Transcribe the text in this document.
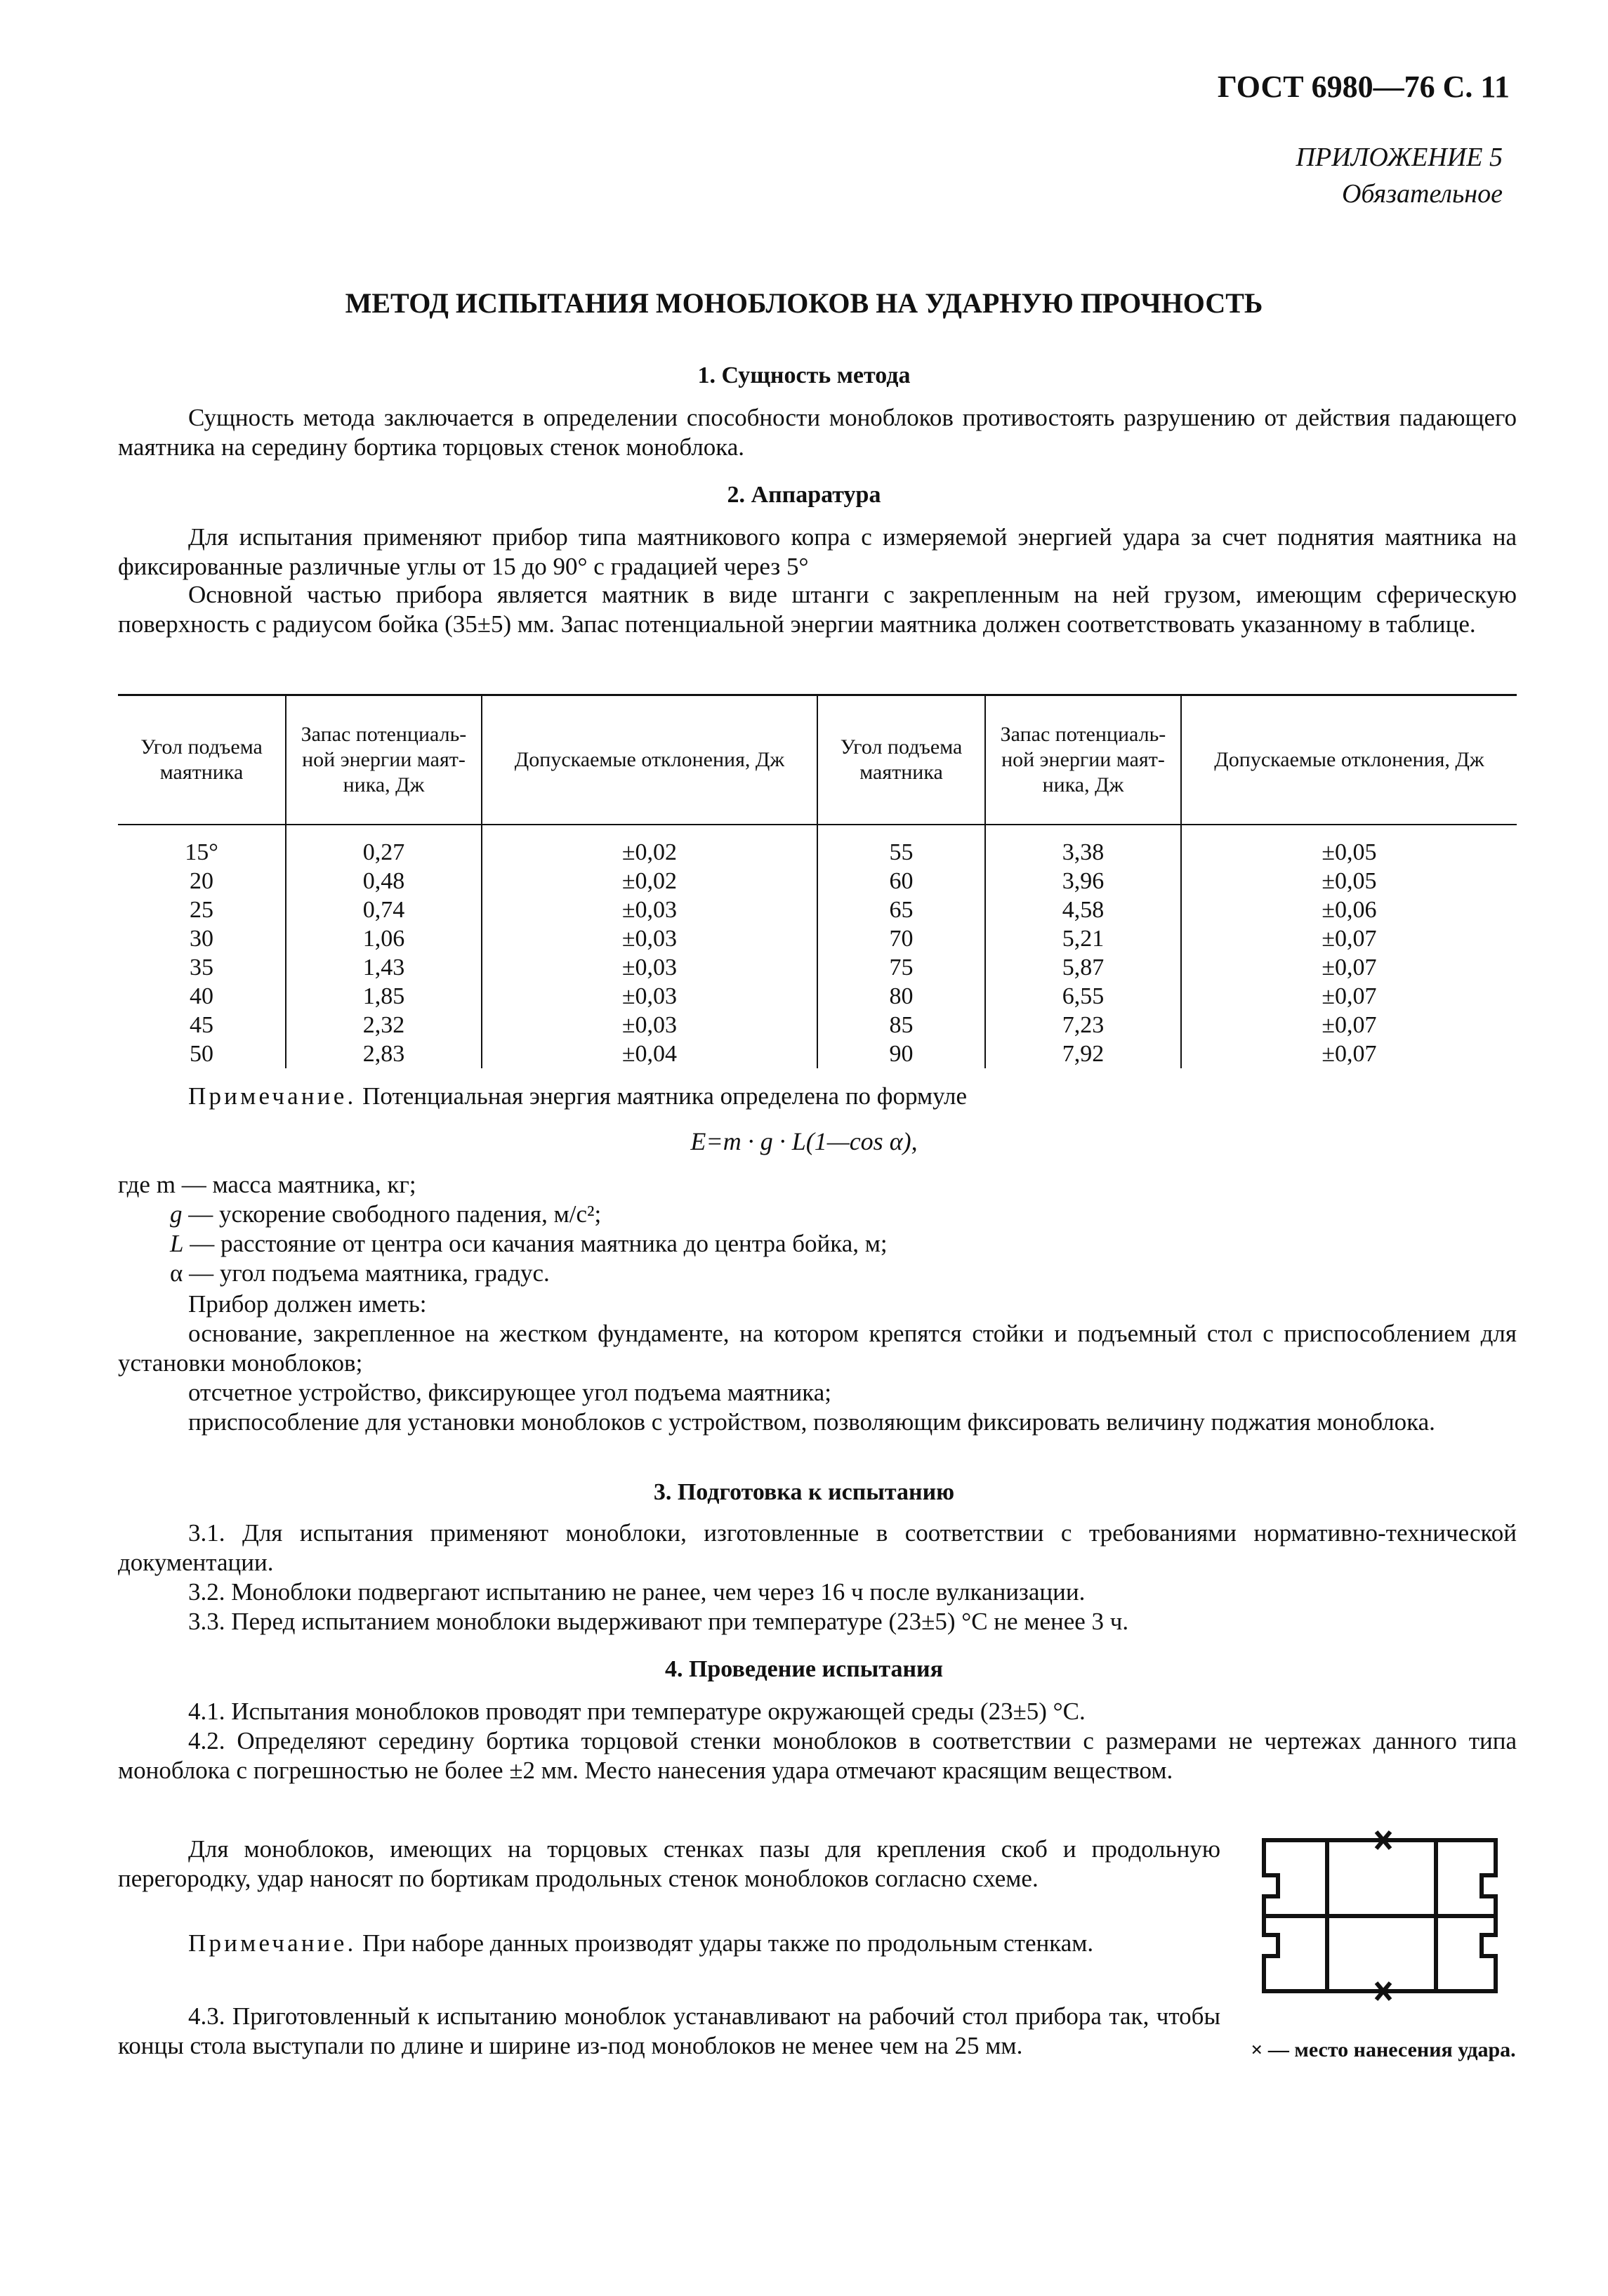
ГОСТ 6980—76 С. 11
ПРИЛОЖЕНИЕ 5
Обязательное
МЕТОД ИСПЫТАНИЯ МОНОБЛОКОВ НА УДАРНУЮ ПРОЧНОСТЬ
1. Сущность метода
Сущность метода заключается в определении способности моноблоков противостоять разрушению от действия падающего маятника на середину бортика торцовых стенок моноблока.
2. Аппаратура
Для испытания применяют прибор типа маятникового копра с измеряемой энергией удара за счет поднятия маятника на фиксированные различные углы от 15 до 90° с градацией через 5°
Основной частью прибора является маятник в виде штанги с закрепленным на ней грузом, имеющим сферическую поверхность с радиусом бойка (35±5) мм. Запас потенциальной энергии маятника должен соответствовать указанному в таблице.
Угол подъема маятника	Запас потенциаль-ной энергии маят-ника, Дж	Допускаемые отклонения, Дж	Угол подъема маятника	Запас потенциаль-ной энергии маят-ника, Дж	Допускаемые отклонения, Дж
15°	0,27	±0,02	55	3,38	±0,05
20	0,48	±0,02	60	3,96	±0,05
25	0,74	±0,03	65	4,58	±0,06
30	1,06	±0,03	70	5,21	±0,07
35	1,43	±0,03	75	5,87	±0,07
40	1,85	±0,03	80	6,55	±0,07
45	2,32	±0,03	85	7,23	±0,07
50	2,83	±0,04	90	7,92	±0,07
Примечание. Потенциальная энергия маятника определена по формуле
E=m · g · L(1—cos α),
где m — масса маятника, кг;
g — ускорение свободного падения, м/с²;
L — расстояние от центра оси качания маятника до центра бойка, м;
α — угол подъема маятника, градус.
Прибор должен иметь:
основание, закрепленное на жестком фундаменте, на котором крепятся стойки и подъемный стол с приспособлением для установки моноблоков;
отсчетное устройство, фиксирующее угол подъема маятника;
приспособление для установки моноблоков с устройством, позволяющим фиксировать величину поджатия моноблока.
3. Подготовка к испытанию
3.1. Для испытания применяют моноблоки, изготовленные в соответствии с требованиями нормативно-технической документации.
3.2. Моноблоки подвергают испытанию не ранее, чем через 16 ч после вулканизации.
3.3. Перед испытанием моноблоки выдерживают при температуре (23±5) °С не менее 3 ч.
4. Проведение испытания
4.1. Испытания моноблоков проводят при температуре окружающей среды (23±5) °С.
4.2. Определяют середину бортика торцовой стенки моноблоков в соответствии с размерами не чертежах данного типа моноблока с погрешностью не более ±2 мм. Место нанесения удара отмечают красящим веществом.
Для моноблоков, имеющих на торцовых стенках пазы для крепления скоб и продольную перегородку, удар наносят по бортикам продольных стенок моноблоков согласно схеме.
Примечание. При наборе данных производят удары также по продольным стенкам.
4.3. Приготовленный к испытанию моноблок устанавливают на рабочий стол прибора так, чтобы концы стола выступали по длине и ширине из-под моноблоков не менее чем на 25 мм.	× — место нанесения удара.
